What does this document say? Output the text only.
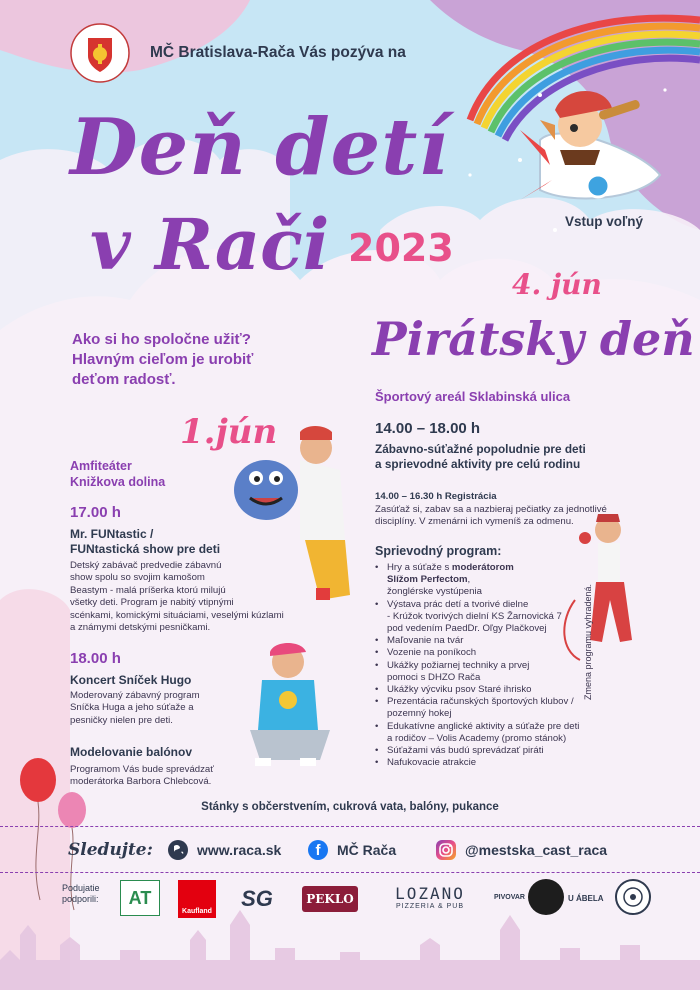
MČ Bratislava-Rača Vás pozýva na
Deň detí
v Rači 2023
Vstup voľný
Ako si ho spoločne užiť?
Hlavným cieľom je urobiť
deťom radosť.
4. jún
Pirátsky deň
Športový areál Sklabinská ulica
14.00 – 18.00 h
Zábavno-súťažné popoludnie pre deti
a sprievodné aktivity pre celú rodinu
14.00 – 16.30 h Registrácia
Zasúťaž si, zabav sa a nazbieraj pečiatky za jednotlivé
disciplíny. V zmenárni ich vymeníš za odmenu.
Sprievodný program:
• Hry a súťaže s moderátorom
Slížom Perfectom,
žonglérske vystúpenia
• Výstava prác detí a tvorivé dielne
- Krúžok tvorivých dielní KS Žarnovická 7
pod vedením PaedDr. Oľgy Plačkovej
• Maľovanie na tvár
• Vozenie na poníkoch
• Ukážky požiarnej techniky a prvej
pomoci s DHZO Rača
• Ukážky výcviku psov Staré ihrisko
• Prezentácia računských športových klubov /
pozemný hokej
• Edukatívne anglické aktivity a súťaže pre deti
a rodičov – Volis Academy (promo stánok)
• Súťažami vás budú sprevádzať piráti
• Nafukovacie atrakcie
Zmena programu vyhradená.
1.jún
Amfiteáter
Knižkova dolina
17.00 h
Mr. FUNtastic /
FUNtastická show pre deti
Detský zabávač predvedie zábavnú
show spolu so svojim kamošom
Beastym - malá príšerka ktorú milujú
všetky deti. Program je nabitý vtipnými
scénkami, komickými situáciami, veselými kúzlami
a známymi detskými pesničkami.
18.00 h
Koncert Sníček Hugo
Moderovaný zábavný program
Sníčka Huga a jeho súťaže a
pesničky nielen pre deti.
Modelovanie balónov
Programom Vás bude sprevádzať
moderátorka Barbora Chlebcová.
Stánky s občerstvením, cukrová vata, balóny, pukance
Sledujte:	www.raca.sk	f	MČ Rača	@mestska_cast_raca
Podujatie
podporili:	AT
Kaufland
SG	PEKLO	LOZANO
PIZZERIA & PUB
PIVOVAR	U ÁBELA
